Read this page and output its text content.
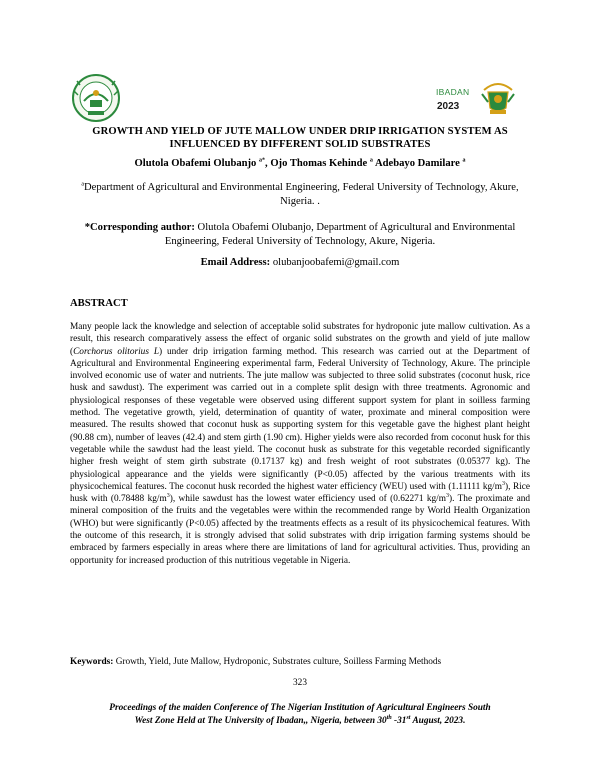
IBADAN
2023
GROWTH AND YIELD OF JUTE MALLOW UNDER DRIP IRRIGATION SYSTEM AS
INFLUENCED BY DIFFERENT SOLID SUBSTRATES
Olutola Obafemi Olubanjo $^{a*}$, Ojo Thomas Kehinde $^a$ Adebayo Damilare $^a$
$^a$Department of Agricultural and Environmental Engineering, Federal University of Technology, Akure, Nigeria. .
*Corresponding author: Olutola Obafemi Olubanjo, Department of Agricultural and Environmental Engineering, Federal University of Technology, Akure, Nigeria.
Email Address: olubanjoobafemi@gmail.com
ABSTRACT
Many people lack the knowledge and selection of acceptable solid substrates for hydroponic jute mallow cultivation. As a result, this research comparatively assess the effect of organic solid substrates on the growth and yield of jute mallow (Corchorus olitorius L) under drip irrigation farming method. This research was carried out at the Department of Agricultural and Environmental Engineering experimental farm, Federal University of Technology, Akure. The principle involved economic use of water and nutrients. The jute mallow was subjected to three solid substrates (coconut husk, rice husk and sawdust). The experiment was carried out in a complete split design with three treatments. Agronomic and physiological responses of these vegetable were observed using different support system for plant in soilless farming method. The vegetative growth, yield, determination of quantity of water, proximate and mineral composition were measured. The results showed that coconut husk as supporting system for this vegetable gave the highest plant height (90.88 cm), number of leaves (42.4) and stem girth (1.90 cm). Higher yields were also recorded from coconut husk for this vegetable while the sawdust had the least yield. The coconut husk as substrate for this vegetable recorded significantly higher fresh weight of stem girth substrate (0.17137 kg) and fresh weight of root substrates (0.05377 kg). The physiological appearance and the yields were significantly (P<0.05) affected by the various treatments with its physicochemical features. The coconut husk recorded the highest water efficiency (WEU) used with (1.11111 $kg/m^3$), Rice husk with (0.78488 $kg/m^3$), while sawdust has the lowest water efficiency used of (0.62271 $kg/m^3$). The proximate and mineral composition of the fruits and the vegetables were within the recommended range by World Health Organization (WHO) but were significantly (P<0.05) affected by the treatments effects as a result of its physicochemical features. With the outcome of this research, it is strongly advised that solid substrates with drip irrigation farming systems should be embraced by farmers especially in areas where there are limitations of land for agricultural activities. Thus, providing an opportunity for increased production of this nutritious vegetable in Nigeria.
Keywords: Growth, Yield, Jute Mallow, Hydroponic, Substrates culture, Soilless Farming Methods
323
Proceedings of the maiden Conference of The Nigerian Institution of Agricultural Engineers South
West Zone Held at The University of Ibadan,, Nigeria, between 30th -31st August, 2023.
